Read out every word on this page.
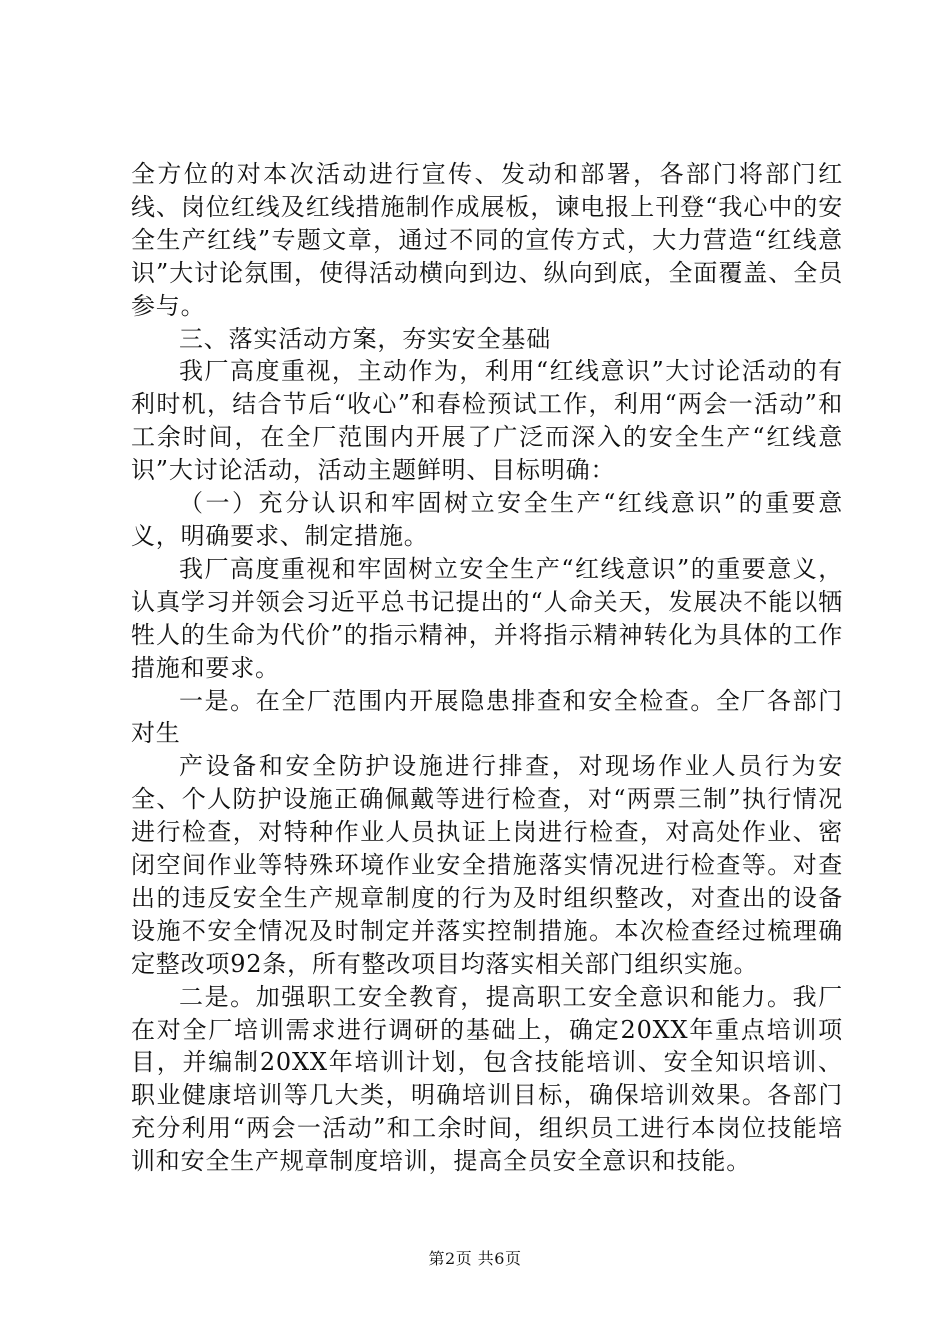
全方位的对本次活动进行宣传、发动和部署，各部门将部门红线、岗位红线及红线措施制作成展板，谏电报上刊登“我心中的安全生产红线”专题文章，通过不同的宣传方式，大力营造“红线意识”大讨论氛围，使得活动横向到边、纵向到底，全面覆盖、全员参与。

三、落实活动方案，夯实安全基础

我厂高度重视，主动作为，利用“红线意识”大讨论活动的有利时机，结合节后“收心”和春检预试工作，利用“两会一活动”和工余时间，在全厂范围内开展了广泛而深入的安全生产“红线意识”大讨论活动，活动主题鲜明、目标明确：

（一）充分认识和牢固树立安全生产“红线意识”的重要意义，明确要求、制定措施。

我厂高度重视和牢固树立安全生产“红线意识”的重要意义，认真学习并领会习近平总书记提出的“人命关天，发展决不能以牺牲人的生命为代价”的指示精神，并将指示精神转化为具体的工作措施和要求。

一是。在全厂范围内开展隐患排查和安全检查。全厂各部门对生

产设备和安全防护设施进行排查，对现场作业人员行为安全、个人防护设施正确佩戴等进行检查，对“两票三制”执行情况进行检查，对特种作业人员执证上岗进行检查，对高处作业、密闭空间作业等特殊环境作业安全措施落实情况进行检查等。对查出的违反安全生产规章制度的行为及时组织整改，对查出的设备设施不安全情况及时制定并落实控制措施。本次检查经过梳理确定整改项92条，所有整改项目均落实相关部门组织实施。

二是。加强职工安全教育，提高职工安全意识和能力。我厂在对全厂培训需求进行调研的基础上，确定20XX年重点培训项目，并编制20XX年培训计划，包含技能培训、安全知识培训、职业健康培训等几大类，明确培训目标，确保培训效果。各部门充分利用“两会一活动”和工余时间，组织员工进行本岗位技能培训和安全生产规章制度培训，提高全员安全意识和技能。

第2页 共6页
